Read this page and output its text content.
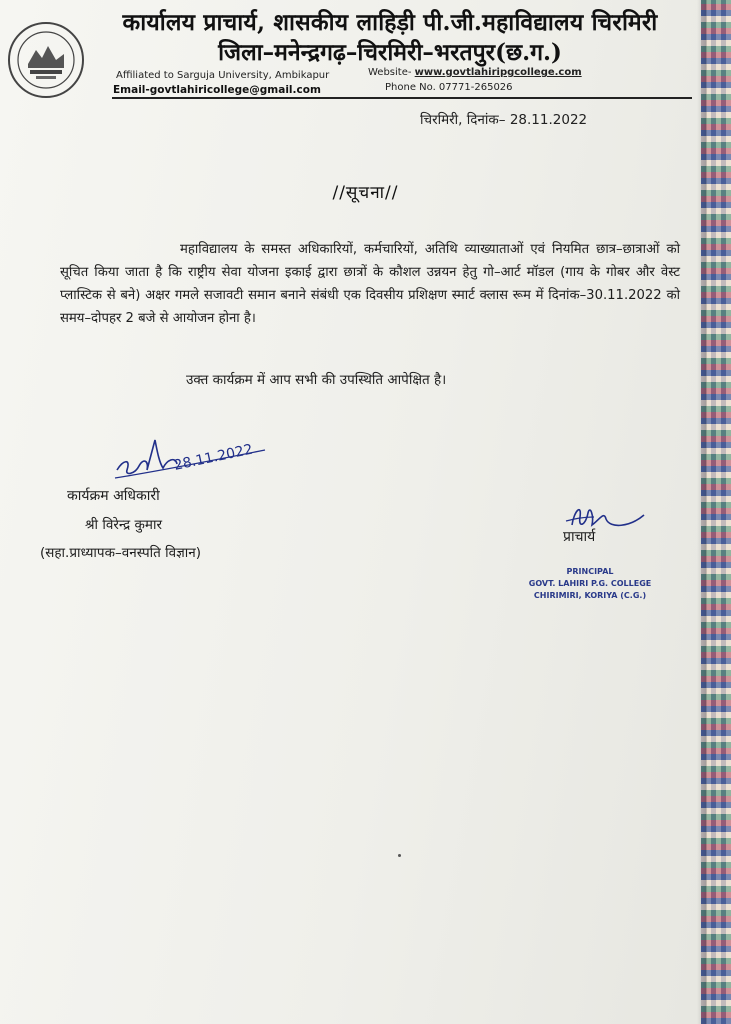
कार्यालय प्राचार्य, शासकीय लाहिड़ी पी.जी.महाविद्यालय चिरमिरी
जिला–मनेन्द्रगढ़–चिरमिरी–भरतपुर(छ.ग.)
Affiliated to Sarguja University, Ambikapur	Website- www.govtlahiripgcollege.com
Email-govtlahiricollege@gmail.com	Phone No. 07771-265026
चिरमिरी, दिनांक– 28.11.2022
//सूचना//
महाविद्यालय के समस्त अधिकारियों, कर्मचारियों, अतिथि व्याख्याताओं एवं नियमित छात्र–छात्राओं को सूचित किया जाता है कि राष्ट्रीय सेवा योजना इकाई द्वारा छात्रों के कौशल उन्नयन हेतु गो–आर्ट मॉडल (गाय के गोबर और वेस्ट प्लास्टिक से बने) अक्षर गमले सजावटी समान बनाने संबंधी एक दिवसीय प्रशिक्षण स्मार्ट क्लास रूम में दिनांक–30.11.2022 को समय–दोपहर 2 बजे से आयोजन होना है।
उक्त कार्यक्रम में आप सभी की उपस्थिति आपेक्षित है।
28.11.2022
कार्यक्रम अधिकारी
श्री विरेन्द्र कुमार
(सहा.प्राध्यापक–वनस्पति विज्ञान)
प्राचार्य
PRINCIPAL
GOVT. LAHIRI P.G. COLLEGE
CHIRIMIRI, KORIYA (C.G.)
